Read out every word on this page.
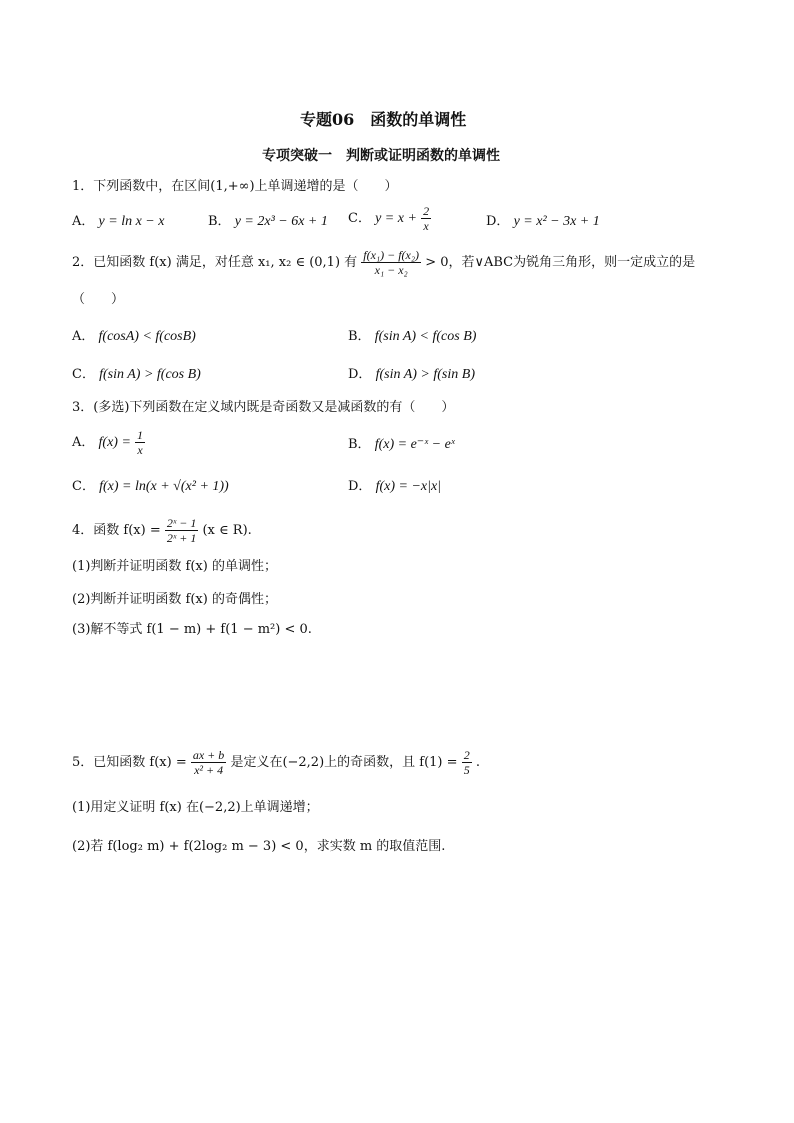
专题06　函数的单调性
专项突破一　判断或证明函数的单调性
1．下列函数中，在区间(1,+∞)上单调递增的是（　　）
A． y = ln x − x	B． y = 2x³ − 6x + 1 C． $y = x + \frac{2}{x}$	D． y = x² − 3x + 1
2．已知函数 f(x) 满足，对任意 x₁, x₂ ∈ (0,1) 有 $\frac{\text{f(x₁) − f(x₂)}}{\text{x₁ − x₂}} > 0$，若∨ABC为锐角三角形，则一定成立的是
（　　）
A． f(cosA) < f(cosB)	B． f(sin A) < f(cos B)
C． f(sin A) > f(cos B)	D． f(sin A) > f(sin B)
3．(多选)下列函数在定义域内既是奇函数又是减函数的有（　　）
A． $f(x) = \frac{1}{x}$	B． f(x) = e⁻ˣ − eˣ
C． f(x) = ln(x + √(x² + 1))	D． f(x) = −x|x|
4．函数 $f(x) = \frac{\text{2ˣ − 1}}{\text{2ˣ + 1}} (x$ ∈ R).
(1)判断并证明函数 f(x) 的单调性；
(2)判断并证明函数 f(x) 的奇偶性；
(3)解不等式 f(1 − m) + f(1 − m²) < 0.
5．已知函数 $f(x) = \frac{ax + b}{\text{x² + 4}}$ 是定义在(−2,2)上的奇函数，且 $f(1) = \frac{2}{5}$ .
(1)用定义证明 f(x) 在(−2,2)上单调递增；
(2)若 f(log₂ m) + f(2log₂ m − 3) < 0，求实数 m 的取值范围.
